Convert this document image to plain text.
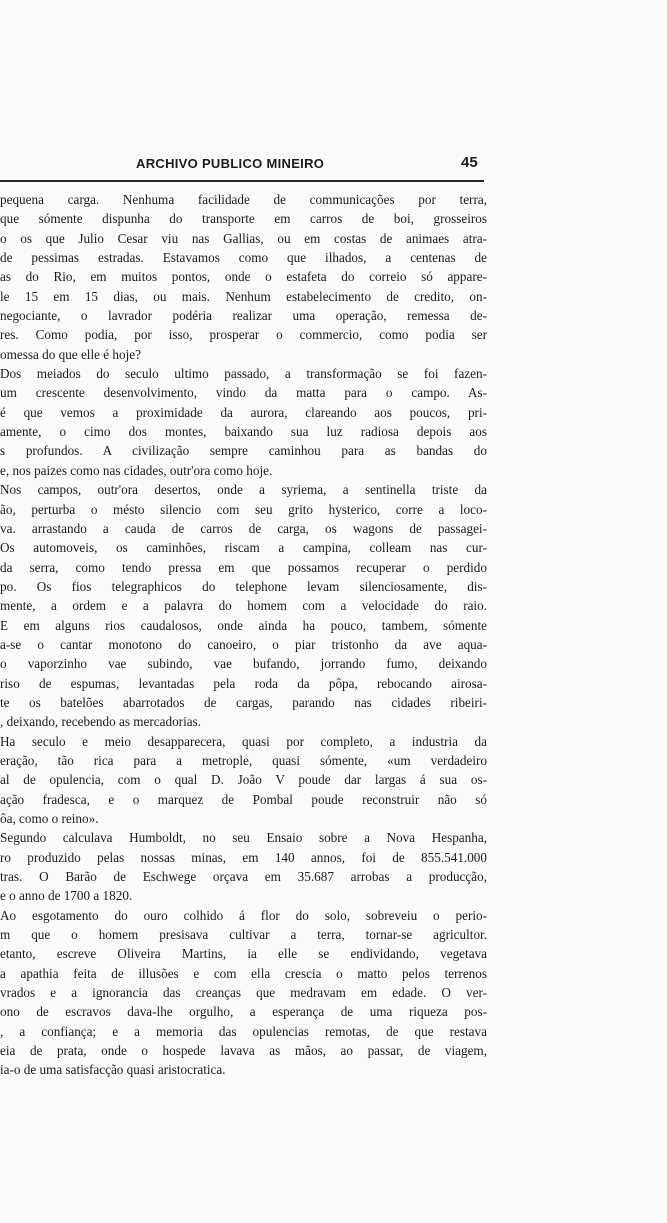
ARCHIVO PUBLICO MINEIRO	45
pequena carga. Nenhuma facilidade de communicações por terra,
que sómente dispunha do transporte em carros de boi, grosseiros
o os que Julio Cesar viu nas Gallias, ou em costas de animaes atra-
de pessimas estradas. Estavamos como que ilhados, a centenas de
as do Rio, em muitos pontos, onde o estafeta do correio só appare-
le 15 em 15 dias, ou mais. Nenhum estabelecimento de credito, on-
negociante, o lavrador podéria realizar uma operação, remessa de-
res. Como podia, por isso, prosperar o commercio, como podia ser
omessa do que elle é hoje?
Dos meiados do seculo ultimo passado, a transformação se foi fazen-
um crescente desenvolvimento, vindo da matta para o campo. As-
é que vemos a proximidade da aurora, clareando aos poucos, pri-
amente, o cimo dos montes, baixando sua luz radiosa depois aos
s profundos. A civilização sempre caminhou para as bandas do
e, nos paizes como nas cidades, outr'ora como hoje.
Nos campos, outr'ora desertos, onde a syriema, a sentinella triste da
ão, perturba o mésto silencio com seu grito hysterico, corre a loco-
va. arrastando a cauda de carros de carga, os wagons de passagei-
Os automoveis, os caminhões, riscam a campina, colleam nas cur-
da serra, como tendo pressa em que possamos recuperar o perdido
po. Os fios telegraphicos do telephone levam silenciosamente, dis-
mente, a ordem e a palavra do homem com a velocidade do raio.
E em alguns rios caudalosos, onde ainda ha pouco, tambem, sómente
a-se o cantar monotono do canoeiro, o piar tristonho da ave aqua-
o vaporzinho vae subindo, vae bufando, jorrando fumo, deixando
riso de espumas, levantadas pela roda da pôpa, rebocando airosa-
te os batelões abarrotados de cargas, parando nas cidades ribeiri-
, deixando, recebendo as mercadorias.
Ha seculo e meio desapparecera, quasi por completo, a industria da
eração, tão rica para a metrople, quasi sómente, «um verdadeiro
al de opulencia, com o qual D. João V poude dar largas á sua os-
ação fradesca, e o marquez de Pombal poude reconstruir não só
ôa, como o reino».
Segundo calculava Humboldt, no seu Ensaio sobre a Nova Hespanha,
ro produzido pelas nossas minas, em 140 annos, foi de 855.541.000
tras. O Barão de Eschwege orçava em 35.687 arrobas a producção,
e o anno de 1700 a 1820.
Ao esgotamento do ouro colhido á flor do solo, sobreveiu o perio-
m que o homem presisava cultivar a terra, tornar-se agricultor.
etanto, escreve Oliveira Martins, ia elle se endividando, vegetava
a apathia feita de illusões e com ella crescia o matto pelos terrenos
vrados e a ignorancia das creanças que medravam em edade. O ver-
ono de escravos dava-lhe orgulho, a esperança de uma riqueza pos-
, a confiança; e a memoria das opulencias remotas, de que restava
eia de prata, onde o hospede lavava as mãos, ao passar, de viagem,
ia-o de uma satisfacção quasi aristocratica.
